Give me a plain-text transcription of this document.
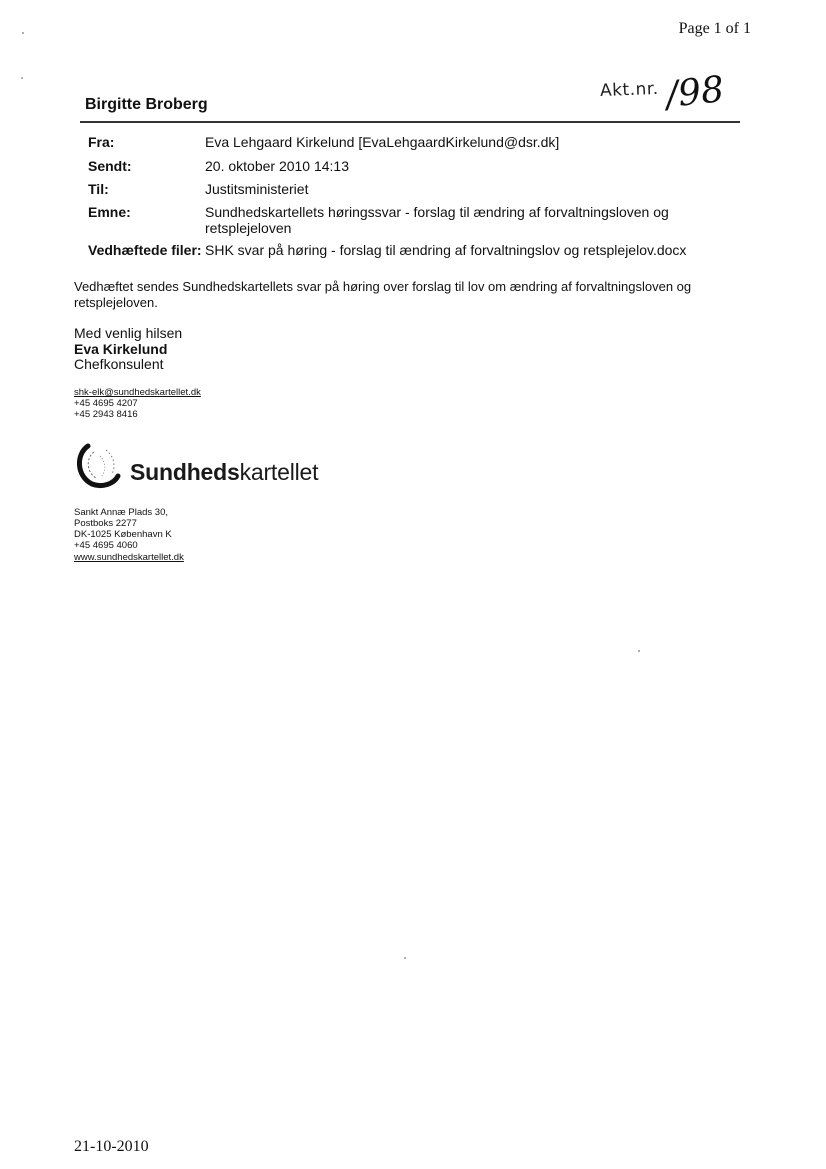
Page 1 of 1
Akt.nr. /98
Birgitte Broberg
Fra:	Eva Lehgaard Kirkelund [EvaLehgaardKirkelund@dsr.dk]
Sendt:	20. oktober 2010 14:13
Til:	Justitsministeriet
Emne:	Sundhedskartellets høringssvar - forslag til ændring af forvaltningsloven og retsplejeloven
Vedhæftede filer: SHK svar på høring - forslag til ændring af forvaltningslov og retsplejelov.docx
Vedhæftet sendes Sundhedskartellets svar på høring over forslag til lov om ændring af forvaltningsloven og retsplejeloven.
Med venlig hilsen
Eva Kirkelund
Chefkonsulent
shk-elk@sundhedskartellet.dk
+45 4695 4207
+45 2943 8416
Sundhedskartellet
Sankt Annæ Plads 30,
Postboks 2277
DK-1025 København K
+45 4695 4060
www.sundhedskartellet.dk
21-10-2010
